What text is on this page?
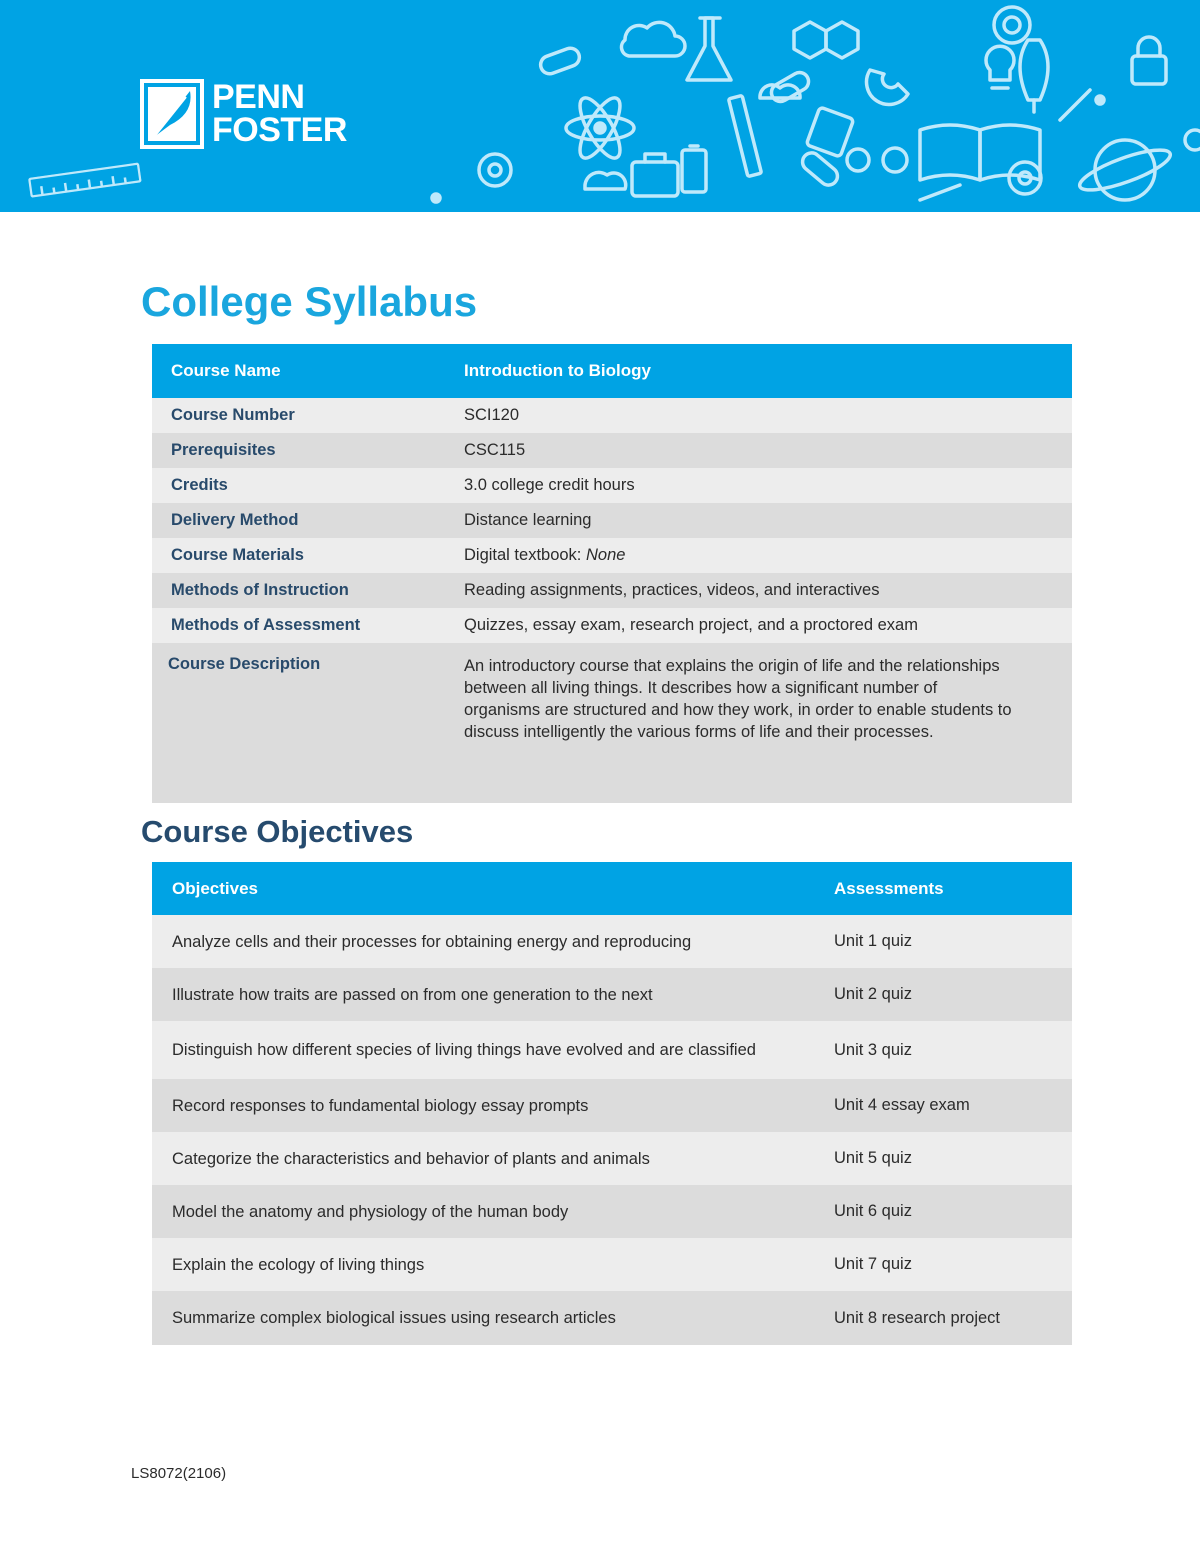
PENN
FOSTER
College Syllabus
Course Name	Introduction to Biology
Course Number	SCI120
Prerequisites	CSC115
Credits	3.0 college credit hours
Delivery Method	Distance learning
Course Materials	Digital textbook: None
Methods of Instruction	Reading assignments, practices, videos, and interactives
Methods of Assessment	Quizzes, essay exam, research project, and a proctored exam
Course Description	An introductory course that explains the origin of life and the relationships between all living things. It describes how a significant number of organisms are structured and how they work, in order to enable students to discuss intelligently the various forms of life and their processes.
Course Objectives
Objectives	Assessments
Analyze cells and their processes for obtaining energy and reproducing	Unit 1 quiz
Illustrate how traits are passed on from one generation to the next	Unit 2 quiz
Distinguish how different species of living things have evolved and are classified	Unit 3 quiz
Record responses to fundamental biology essay prompts	Unit 4 essay exam
Categorize the characteristics and behavior of plants and animals	Unit 5 quiz
Model the anatomy and physiology of the human body	Unit 6 quiz
Explain the ecology of living things	Unit 7 quiz
Summarize complex biological issues using research articles	Unit 8 research project
LS8072(2106)
